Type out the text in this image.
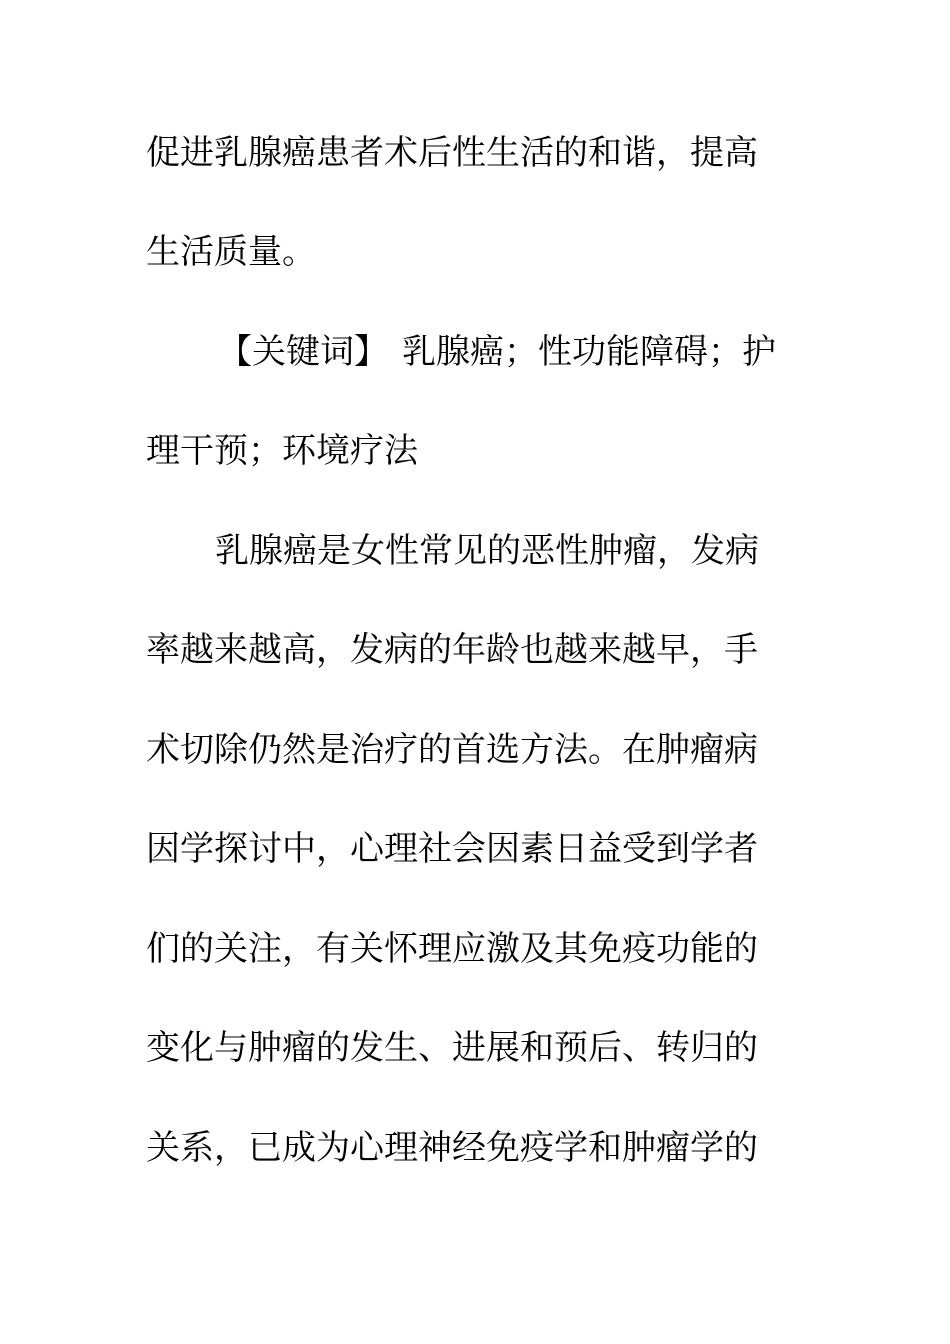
促进乳腺癌患者术后性生活的和谐，提高
生活质量。
【关键词】 乳腺癌；性功能障碍；护
理干预；环境疗法
乳腺癌是女性常见的恶性肿瘤，发病
率越来越高，发病的年龄也越来越早，手
术切除仍然是治疗的首选方法。在肿瘤病
因学探讨中，心理社会因素日益受到学者
们的关注，有关怀理应激及其免疫功能的
变化与肿瘤的发生、进展和预后、转归的
关系，已成为心理神经免疫学和肿瘤学的
